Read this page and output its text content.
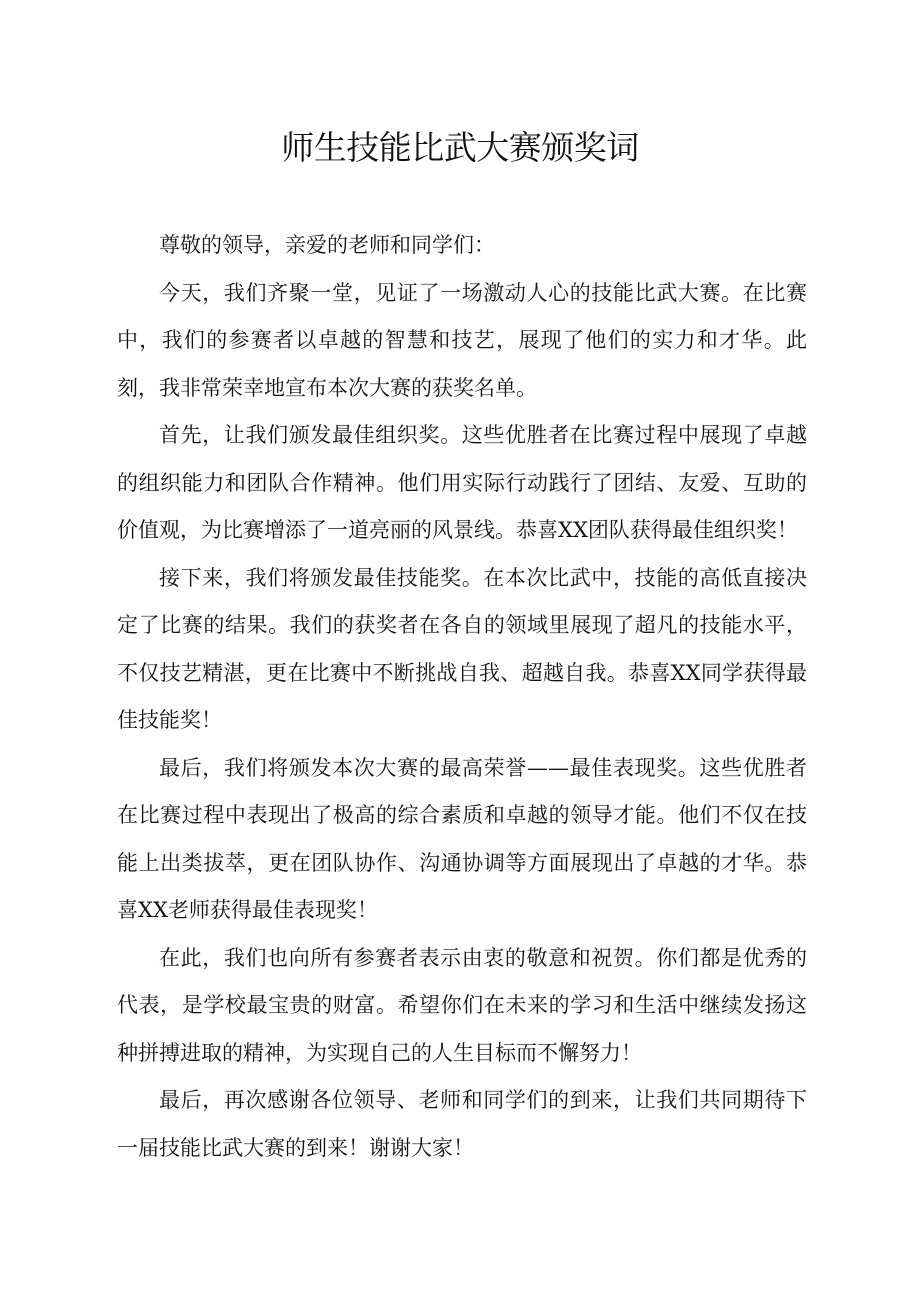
师生技能比武大赛颁奖词

尊敬的领导，亲爱的老师和同学们：

今天，我们齐聚一堂，见证了一场激动人心的技能比武大赛。在比赛中，我们的参赛者以卓越的智慧和技艺，展现了他们的实力和才华。此刻，我非常荣幸地宣布本次大赛的获奖名单。

首先，让我们颁发最佳组织奖。这些优胜者在比赛过程中展现了卓越的组织能力和团队合作精神。他们用实际行动践行了团结、友爱、互助的价值观，为比赛增添了一道亮丽的风景线。恭喜XX团队获得最佳组织奖！

接下来，我们将颁发最佳技能奖。在本次比武中，技能的高低直接决定了比赛的结果。我们的获奖者在各自的领域里展现了超凡的技能水平，不仅技艺精湛，更在比赛中不断挑战自我、超越自我。恭喜XX同学获得最佳技能奖！

最后，我们将颁发本次大赛的最高荣誉——最佳表现奖。这些优胜者在比赛过程中表现出了极高的综合素质和卓越的领导才能。他们不仅在技能上出类拔萃，更在团队协作、沟通协调等方面展现出了卓越的才华。恭喜XX老师获得最佳表现奖！

在此，我们也向所有参赛者表示由衷的敬意和祝贺。你们都是优秀的代表，是学校最宝贵的财富。希望你们在未来的学习和生活中继续发扬这种拼搏进取的精神，为实现自己的人生目标而不懈努力！

最后，再次感谢各位领导、老师和同学们的到来，让我们共同期待下一届技能比武大赛的到来！谢谢大家！
